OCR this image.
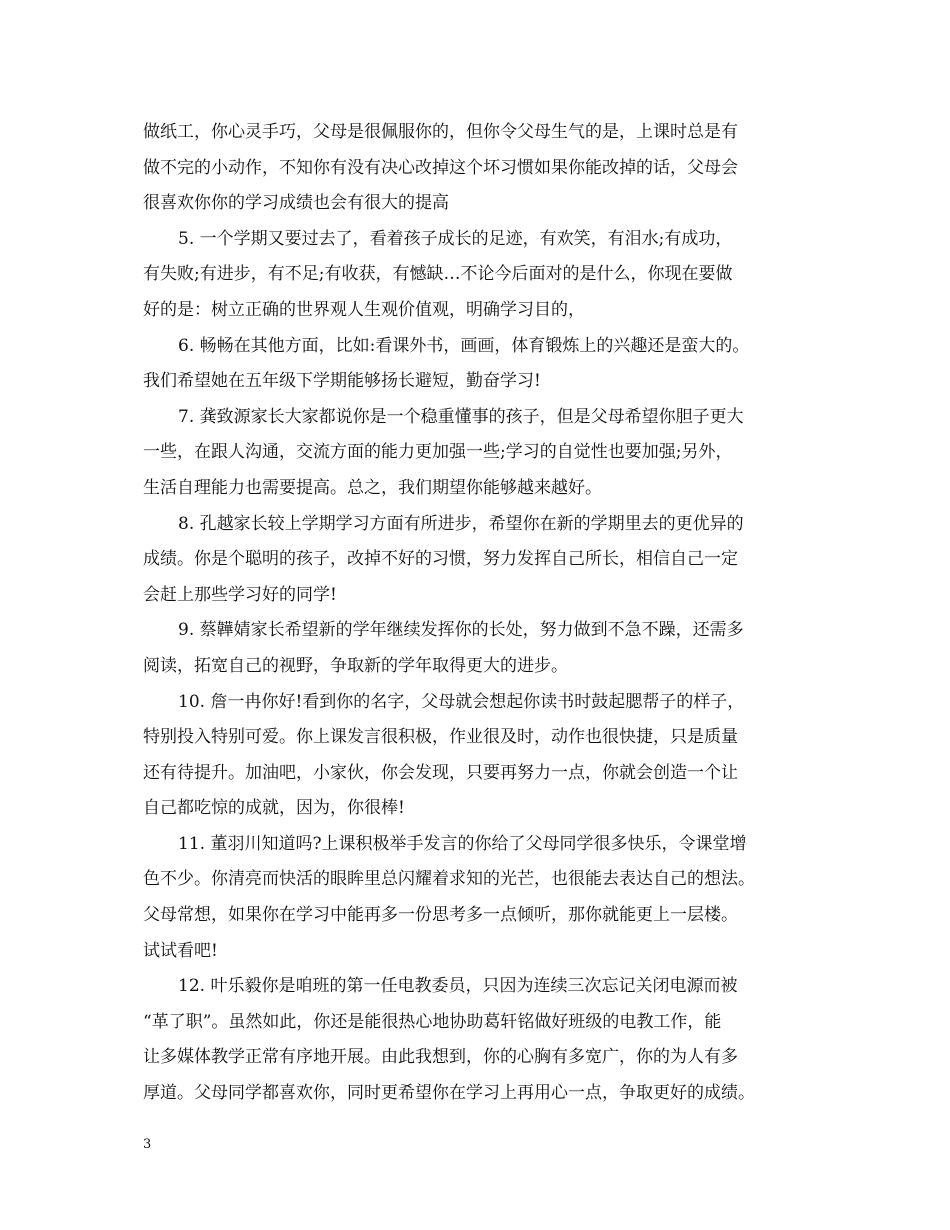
做纸工，你心灵手巧，父母是很佩服你的，但你令父母生气的是，上课时总是有
做不完的小动作，不知你有没有决心改掉这个坏习惯如果你能改掉的话，父母会
很喜欢你你的学习成绩也会有很大的提高
5. 一个学期又要过去了，看着孩子成长的足迹，有欢笑，有泪水;有成功，
有失败;有进步，有不足;有收获，有憾缺…不论今后面对的是什么，你现在要做
好的是：树立正确的世界观人生观价值观，明确学习目的，
6. 畅畅在其他方面，比如:看课外书，画画，体育锻炼上的兴趣还是蛮大的。
我们希望她在五年级下学期能够扬长避短，勤奋学习!
7. 龚致源家长大家都说你是一个稳重懂事的孩子，但是父母希望你胆子更大
一些，在跟人沟通，交流方面的能力更加强一些;学习的自觉性也要加强;另外，
生活自理能力也需要提高。总之，我们期望你能够越来越好。
8. 孔越家长较上学期学习方面有所进步，希望你在新的学期里去的更优异的
成绩。你是个聪明的孩子，改掉不好的习惯，努力发挥自己所长，相信自己一定
会赶上那些学习好的同学!
9. 蔡韡婧家长希望新的学年继续发挥你的长处，努力做到不急不躁，还需多
阅读，拓宽自己的视野，争取新的学年取得更大的进步。
10. 詹一冉你好!看到你的名字，父母就会想起你读书时鼓起腮帮子的样子，
特别投入特别可爱。你上课发言很积极，作业很及时，动作也很快捷，只是质量
还有待提升。加油吧，小家伙，你会发现，只要再努力一点，你就会创造一个让
自己都吃惊的成就，因为，你很棒!
11. 董羽川知道吗?上课积极举手发言的你给了父母同学很多快乐，令课堂增
色不少。你清亮而快活的眼眸里总闪耀着求知的光芒，也很能去表达自己的想法。
父母常想，如果你在学习中能再多一份思考多一点倾听，那你就能更上一层楼。
试试看吧!
12. 叶乐毅你是咱班的第一任电教委员，只因为连续三次忘记关闭电源而被
“革了职”。虽然如此，你还是能很热心地协助葛轩铭做好班级的电教工作，能
让多媒体教学正常有序地开展。由此我想到，你的心胸有多宽广，你的为人有多
厚道。父母同学都喜欢你，同时更希望你在学习上再用心一点，争取更好的成绩。
3
